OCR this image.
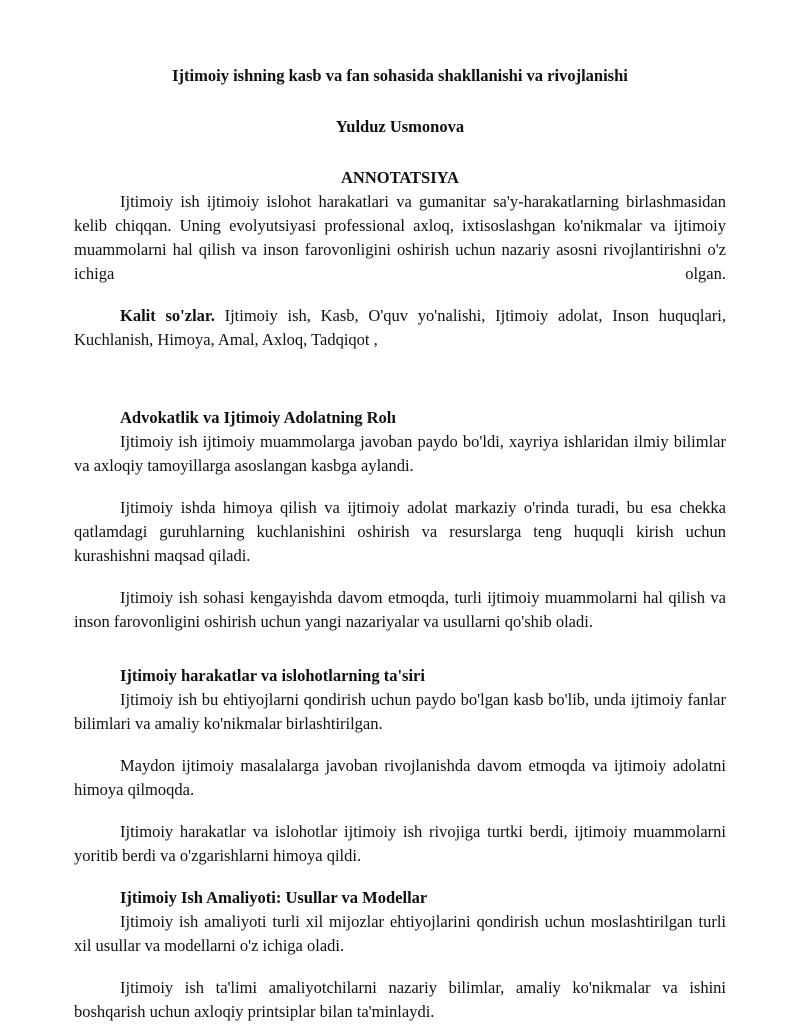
Ijtimoiy ishning kasb va fan sohasida shakllanishi va rivojlanishi
Yulduz Usmonova
ANNOTATSIYA

Ijtimoiy ish ijtimoiy islohot harakatlari va gumanitar sa'y-harakatlarning birlashmasidan kelib chiqqan. Uning evolyutsiyasi professional axloq, ixtisoslashgan ko'nikmalar va ijtimoiy muammolarni hal qilish va inson farovonligini oshirish uchun nazariy asosni rivojlantirishni o'z ichiga olgan.

Kalit so'zlar. Ijtimoiy ish, Kasb, O'quv yo'nalishi, Ijtimoiy adolat, Inson huquqlari, Kuchlanish, Himoya, Amal, Axloq, Tadqiqot ,

Advokatlik va Ijtimoiy Adolatning Rolı

Ijtimoiy ish ijtimoiy muammolarga javoban paydo bo'ldi, xayriya ishlaridan ilmiy bilimlar va axloqiy tamoyillarga asoslangan kasbga aylandi.

Ijtimoiy ishda himoya qilish va ijtimoiy adolat markaziy o'rinda turadi, bu esa chekka qatlamdagi guruhlarning kuchlanishini oshirish va resurslarga teng huquqli kirish uchun kurashishni maqsad qiladi.

Ijtimoiy ish sohasi kengayishda davom etmoqda, turli ijtimoiy muammolarni hal qilish va inson farovonligini oshirish uchun yangi nazariyalar va usullarni qo'shib oladi.

Ijtimoiy harakatlar va islohotlarning ta'siri

Ijtimoiy ish bu ehtiyojlarni qondirish uchun paydo bo'lgan kasb bo'lib, unda ijtimoiy fanlar bilimlari va amaliy ko'nikmalar birlashtirilgan.

Maydon ijtimoiy masalalarga javoban rivojlanishda davom etmoqda va ijtimoiy adolatni himoya qilmoqda.

Ijtimoiy harakatlar va islohotlar ijtimoiy ish rivojiga turtki berdi, ijtimoiy muammolarni yoritib berdi va o'zgarishlarni himoya qildi.

Ijtimoiy Ish Amaliyoti: Usullar va Modellar

Ijtimoiy ish amaliyoti turli xil mijozlar ehtiyojlarini qondirish uchun moslashtirilgan turli xil usullar va modellarni o'z ichiga oladi.

Ijtimoiy ish ta'limi amaliyotchilarni nazariy bilimlar, amaliy ko'nikmalar va ishini boshqarish uchun axloqiy printsiplar bilan ta'minlaydi.
